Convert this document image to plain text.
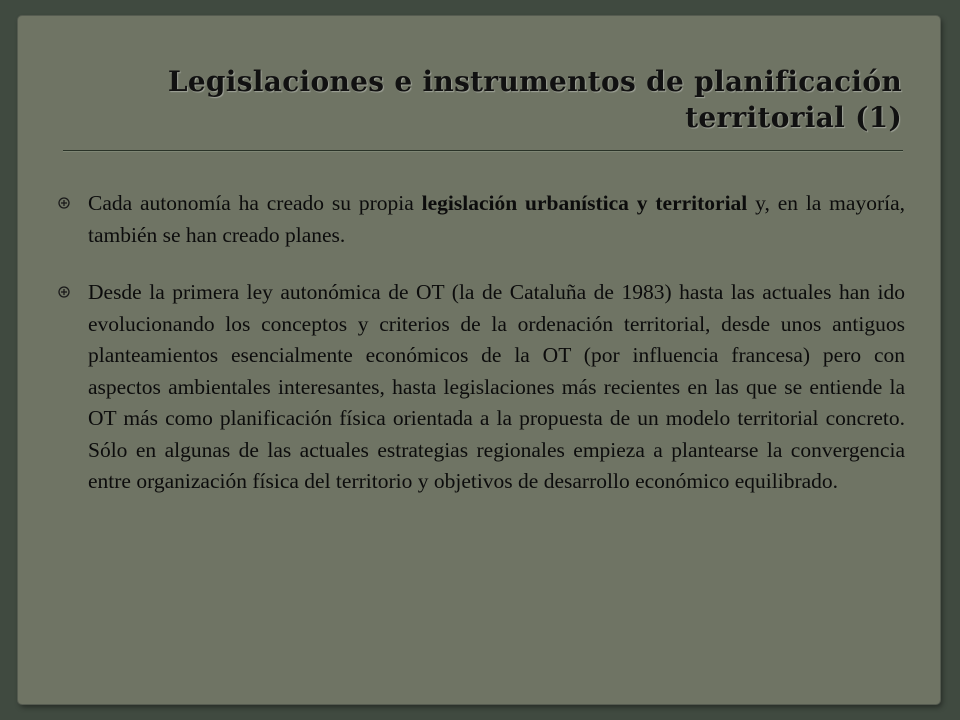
Legislaciones e instrumentos de planificación territorial (1)
Cada autonomía ha creado su propia legislación urbanística y territorial y, en la mayoría, también se han creado planes.
Desde la primera ley autonómica de OT (la de Cataluña de 1983) hasta las actuales han ido evolucionando los conceptos y criterios de la ordenación territorial, desde unos antiguos planteamientos esencialmente económicos de la OT (por influencia francesa) pero con aspectos ambientales interesantes, hasta legislaciones más recientes en las que se entiende la OT más como planificación física orientada a la propuesta de un modelo territorial concreto. Sólo en algunas de las actuales estrategias regionales empieza a plantearse la convergencia entre organización física del territorio y objetivos de desarrollo económico equilibrado.
